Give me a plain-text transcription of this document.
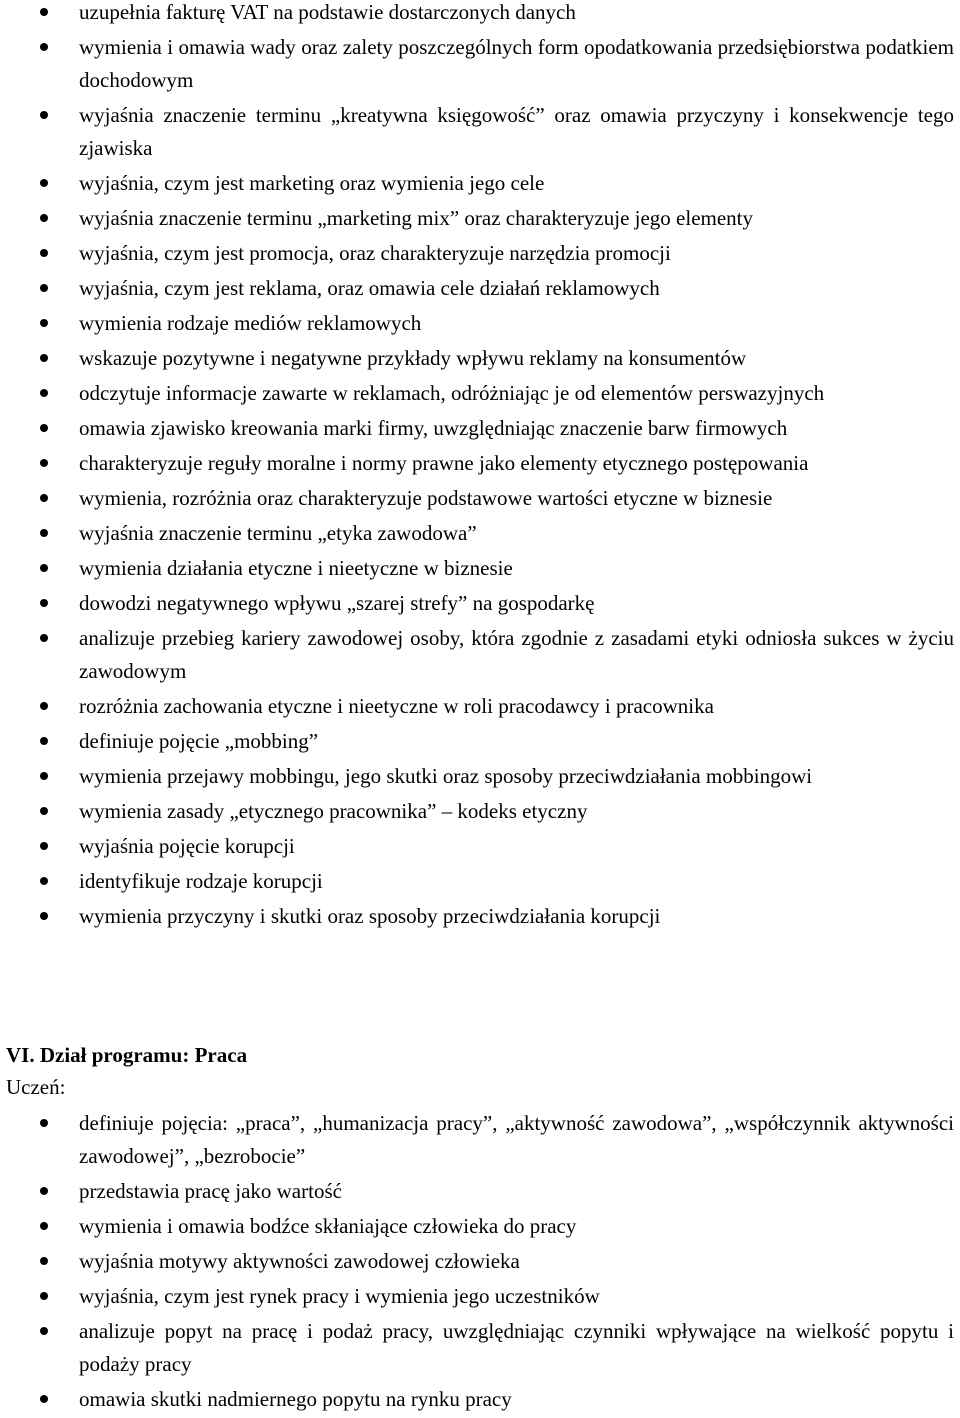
uzupełnia fakturę VAT na podstawie dostarczonych danych
wymienia i omawia wady oraz zalety poszczególnych form opodatkowania przedsiębiorstwa podatkiem dochodowym
wyjaśnia znaczenie terminu „kreatywna księgowość” oraz omawia przyczyny i konsekwencje tego zjawiska
wyjaśnia, czym jest marketing oraz wymienia jego cele
wyjaśnia znaczenie terminu „marketing mix” oraz charakteryzuje jego elementy
wyjaśnia, czym jest promocja, oraz charakteryzuje narzędzia promocji
wyjaśnia, czym jest reklama, oraz omawia cele działań reklamowych
wymienia rodzaje mediów reklamowych
wskazuje pozytywne i negatywne przykłady wpływu reklamy na konsumentów
odczytuje informacje zawarte w reklamach, odróżniając je od elementów perswazyjnych
omawia zjawisko kreowania marki firmy, uwzględniając znaczenie barw firmowych
charakteryzuje reguły moralne i normy prawne jako elementy etycznego postępowania
wymienia, rozróżnia oraz charakteryzuje podstawowe wartości etyczne w biznesie
wyjaśnia znaczenie terminu „etyka zawodowa”
wymienia działania etyczne i nieetyczne w biznesie
dowodzi negatywnego wpływu „szarej strefy” na gospodarkę
analizuje przebieg kariery zawodowej osoby, która zgodnie z zasadami etyki odniosła sukces w życiu zawodowym
rozróżnia zachowania etyczne i nieetyczne w roli pracodawcy i pracownika
definiuje pojęcie „mobbing”
wymienia przejawy mobbingu, jego skutki oraz sposoby przeciwdziałania mobbingowi
wymienia zasady „etycznego pracownika” – kodeks etyczny
wyjaśnia pojęcie korupcji
identyfikuje rodzaje korupcji
wymienia przyczyny i skutki oraz sposoby przeciwdziałania korupcji
VI. Dział programu: Praca

Uczeń:

definiuje pojęcia: „praca”, „humanizacja pracy”, „aktywność zawodowa”, „współczynnik aktywności zawodowej”, „bezrobocie”
przedstawia pracę jako wartość
wymienia i omawia bodźce skłaniające człowieka do pracy
wyjaśnia motywy aktywności zawodowej człowieka
wyjaśnia, czym jest rynek pracy i wymienia jego uczestników
analizuje popyt na pracę i podaż pracy, uwzględniając czynniki wpływające na wielkość popytu i podaży pracy
omawia skutki nadmiernego popytu na rynku pracy
